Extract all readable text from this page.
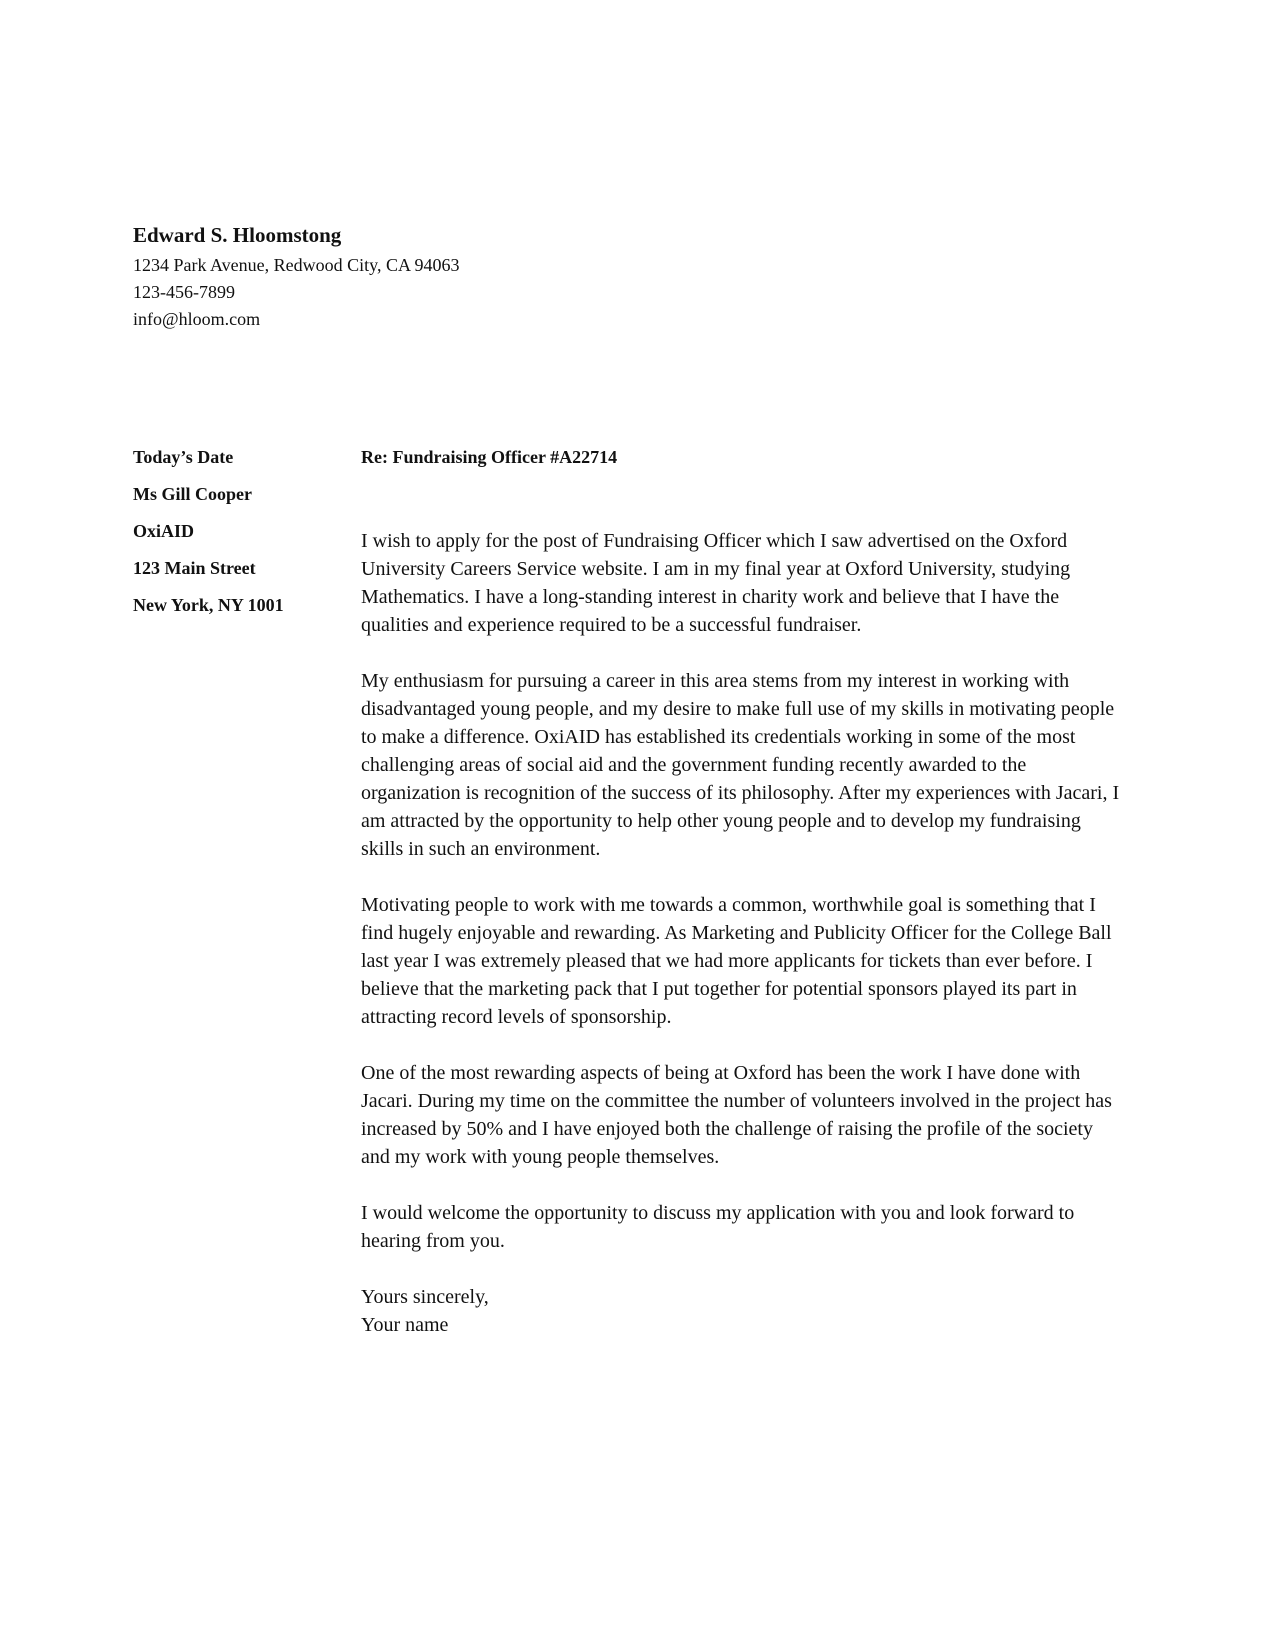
Edward S. Hloomstong
1234 Park Avenue, Redwood City, CA 94063
123-456-7899
info@hloom.com
Today’s Date
Ms Gill Cooper
OxiAID
123 Main Street
New York, NY 1001
Re: Fundraising Officer #A22714

I wish to apply for the post of Fundraising Officer which I saw advertised on the Oxford University Careers Service website. I am in my final year at Oxford University, studying Mathematics. I have a long-standing interest in charity work and believe that I have the qualities and experience required to be a successful fundraiser.

My enthusiasm for pursuing a career in this area stems from my interest in working with disadvantaged young people, and my desire to make full use of my skills in motivating people to make a difference. OxiAID has established its credentials working in some of the most challenging areas of social aid and the government funding recently awarded to the organization is recognition of the success of its philosophy. After my experiences with Jacari, I am attracted by the opportunity to help other young people and to develop my fundraising skills in such an environment.

Motivating people to work with me towards a common, worthwhile goal is something that I find hugely enjoyable and rewarding. As Marketing and Publicity Officer for the College Ball last year I was extremely pleased that we had more applicants for tickets than ever before. I believe that the marketing pack that I put together for potential sponsors played its part in attracting record levels of sponsorship.

One of the most rewarding aspects of being at Oxford has been the work I have done with Jacari. During my time on the committee the number of volunteers involved in the project has increased by 50% and I have enjoyed both the challenge of raising the profile of the society and my work with young people themselves.

I would welcome the opportunity to discuss my application with you and look forward to hearing from you.

Yours sincerely,
Your name
